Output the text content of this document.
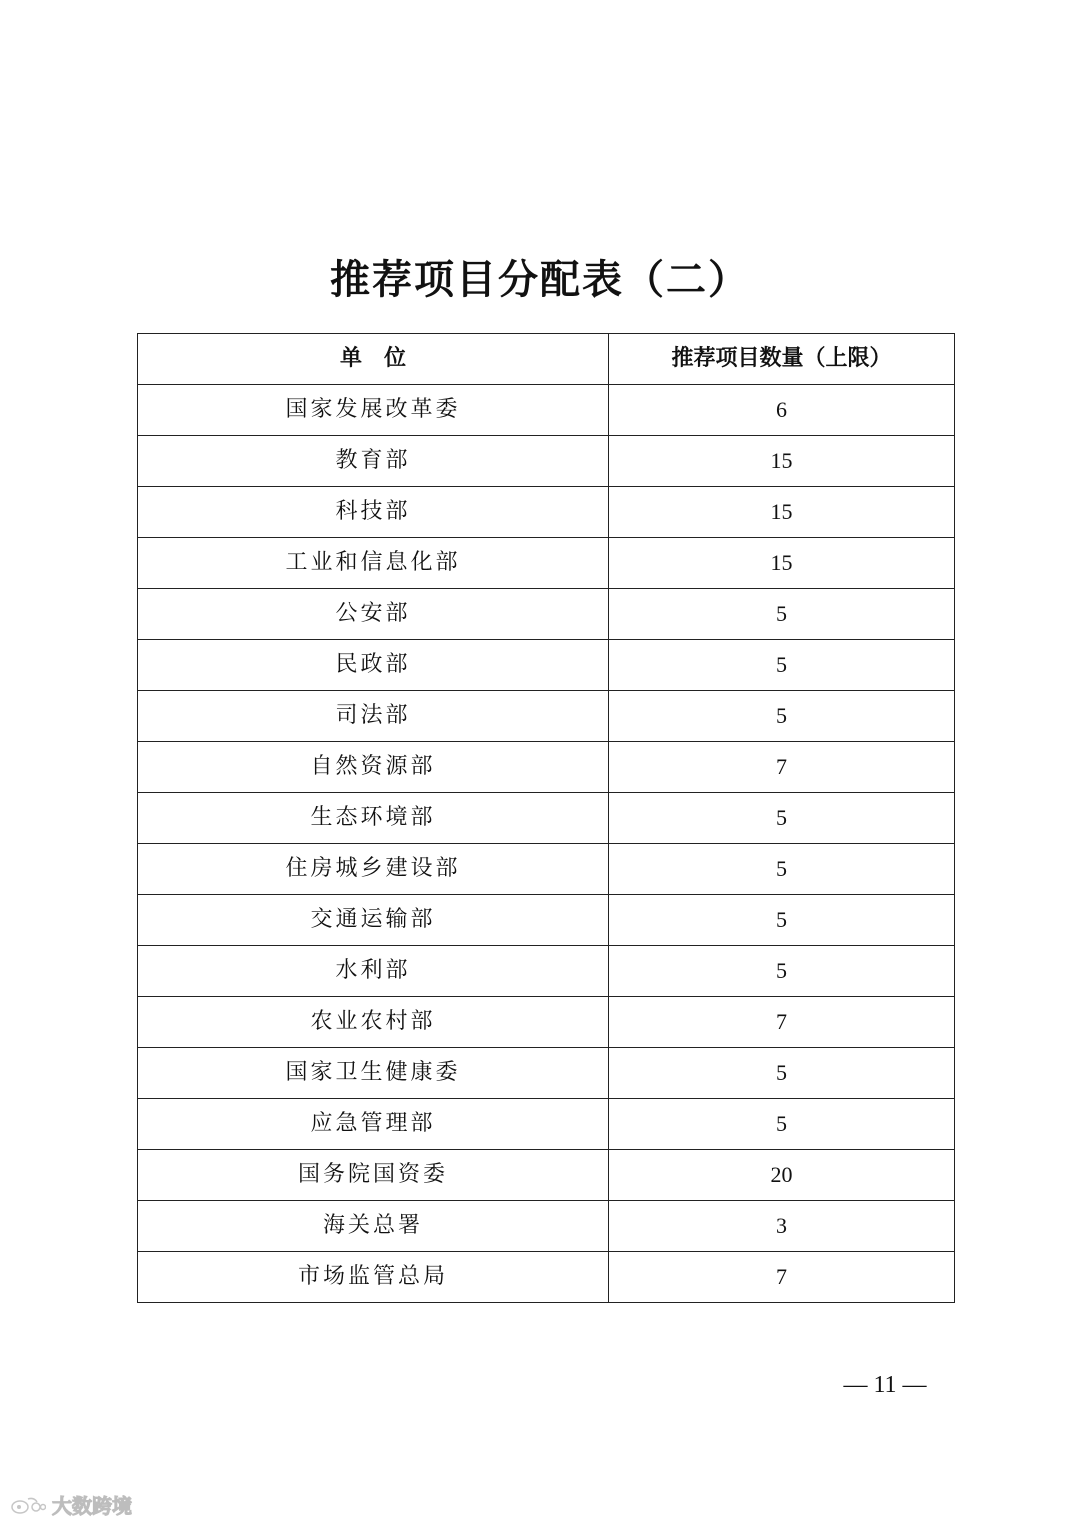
推荐项目分配表（二）
单　位	推荐项目数量（上限）
国家发展改革委	6
教育部	15
科技部	15
工业和信息化部	15
公安部	5
民政部	5
司法部	5
自然资源部	7
生态环境部	5
住房城乡建设部	5
交通运输部	5
水利部	5
农业农村部	7
国家卫生健康委	5
应急管理部	5
国务院国资委	20
海关总署	3
市场监管总局	7
— 11 —
大数跨境
